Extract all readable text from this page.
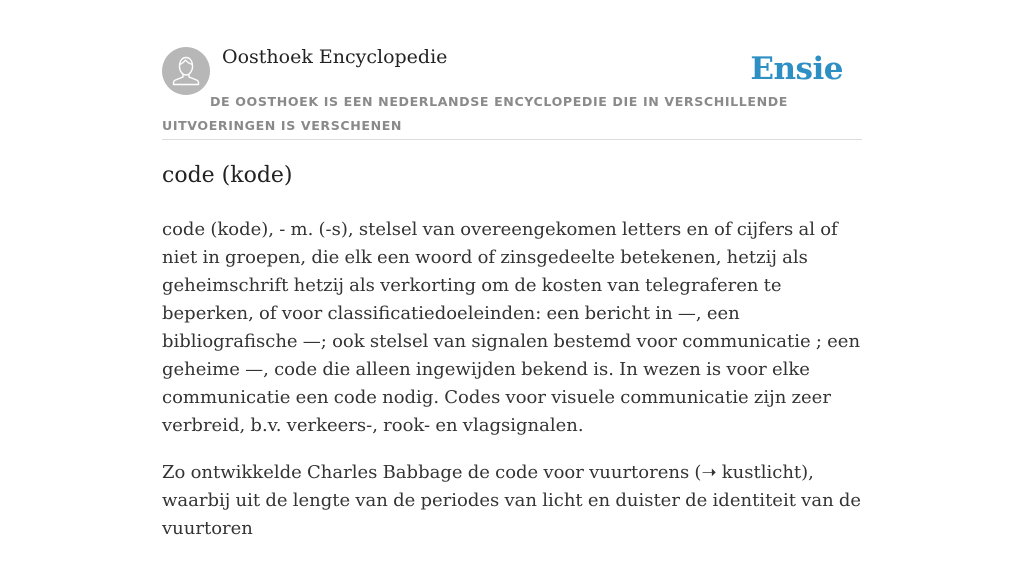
Oosthoek Encyclopedie	Ensie
DE OOSTHOEK IS EEN NEDERLANDSE ENCYCLOPEDIE DIE IN VERSCHILLENDE UITVOERINGEN IS VERSCHENEN
code (kode)

code (kode), - m. (-s), stelsel van overeengekomen letters en of cijfers al of niet in groepen, die elk een woord of zinsgedeelte betekenen, hetzij als geheimschrift hetzij als verkorting om de kosten van telegraferen te beperken, of voor classificatiedoeleinden: een bericht in —, een bibliografische —; ook stelsel van signalen bestemd voor communicatie ; een geheime —, code die alleen ingewijden bekend is. In wezen is voor elke communicatie een code nodig. Codes voor visuele communicatie zijn zeer verbreid, b.v. verkeers-, rook- en vlagsignalen.

Zo ontwikkelde Charles Babbage de code voor vuurtorens (➝ kustlicht), waarbij uit de lengte van de periodes van licht en duister de identiteit van de vuurtoren
